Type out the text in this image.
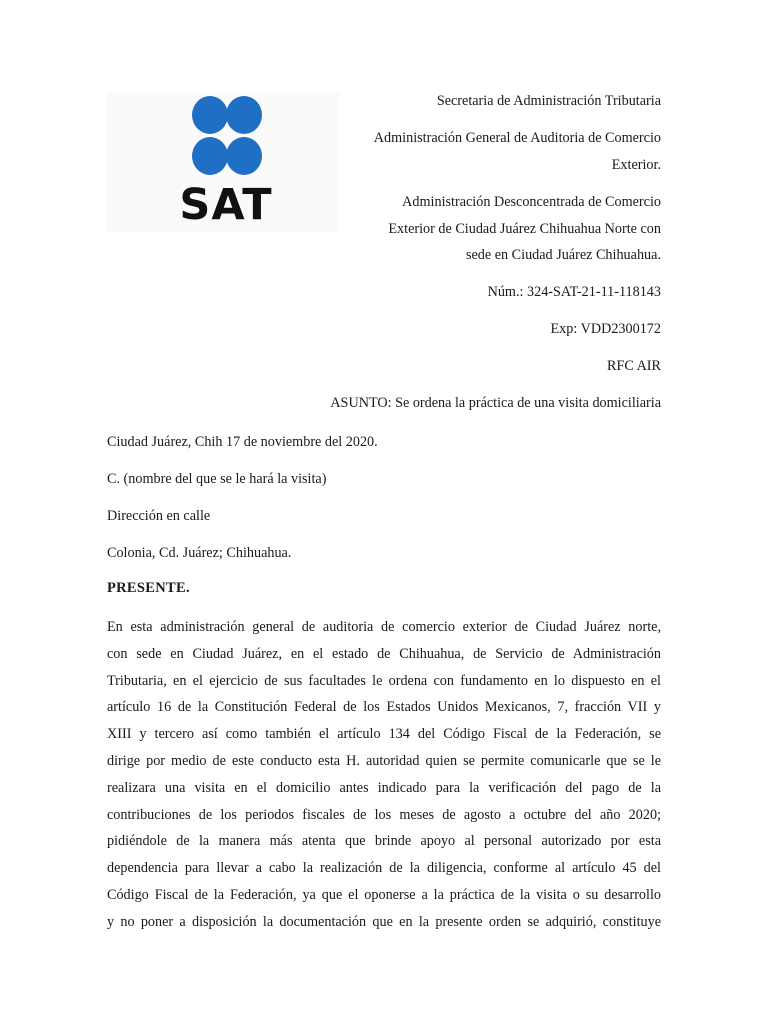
SAT
Secretaria de Administración Tributaria
Administración General de Auditoria de Comercio
Exterior.
Administración Desconcentrada de Comercio
Exterior de Ciudad Juárez Chihuahua Norte con
sede en Ciudad Juárez Chihuahua.
Núm.: 324-SAT-21-11-118143
Exp: VDD2300172
RFC AIR
ASUNTO: Se ordena la práctica de una visita domiciliaria
Ciudad Juárez, Chih 17 de noviembre del 2020.
C. (nombre del que se le hará la visita)
Dirección en calle
Colonia, Cd. Juárez; Chihuahua.
PRESENTE.
En esta administración general de auditoria de comercio exterior de Ciudad Juárez norte,
con sede en Ciudad Juárez, en el estado de Chihuahua, de Servicio de Administración
Tributaria, en el ejercicio de sus facultades le ordena con fundamento en lo dispuesto en el
artículo 16 de la Constitución Federal de los Estados Unidos Mexicanos, 7, fracción VII y
XIII y tercero así como también el artículo 134 del Código Fiscal de la Federación, se
dirige por medio de este conducto esta H. autoridad quien se permite comunicarle que se le
realizara una visita en el domicilio antes indicado para la verificación del pago de la
contribuciones de los periodos fiscales de los meses de agosto a octubre del año 2020;
pidiéndole de la manera más atenta que brinde apoyo al personal autorizado por esta
dependencia para llevar a cabo la realización de la diligencia, conforme al artículo 45 del
Código Fiscal de la Federación, ya que el oponerse a la práctica de la visita o su desarrollo
y no poner a disposición la documentación que en la presente orden se adquirió, constituye
